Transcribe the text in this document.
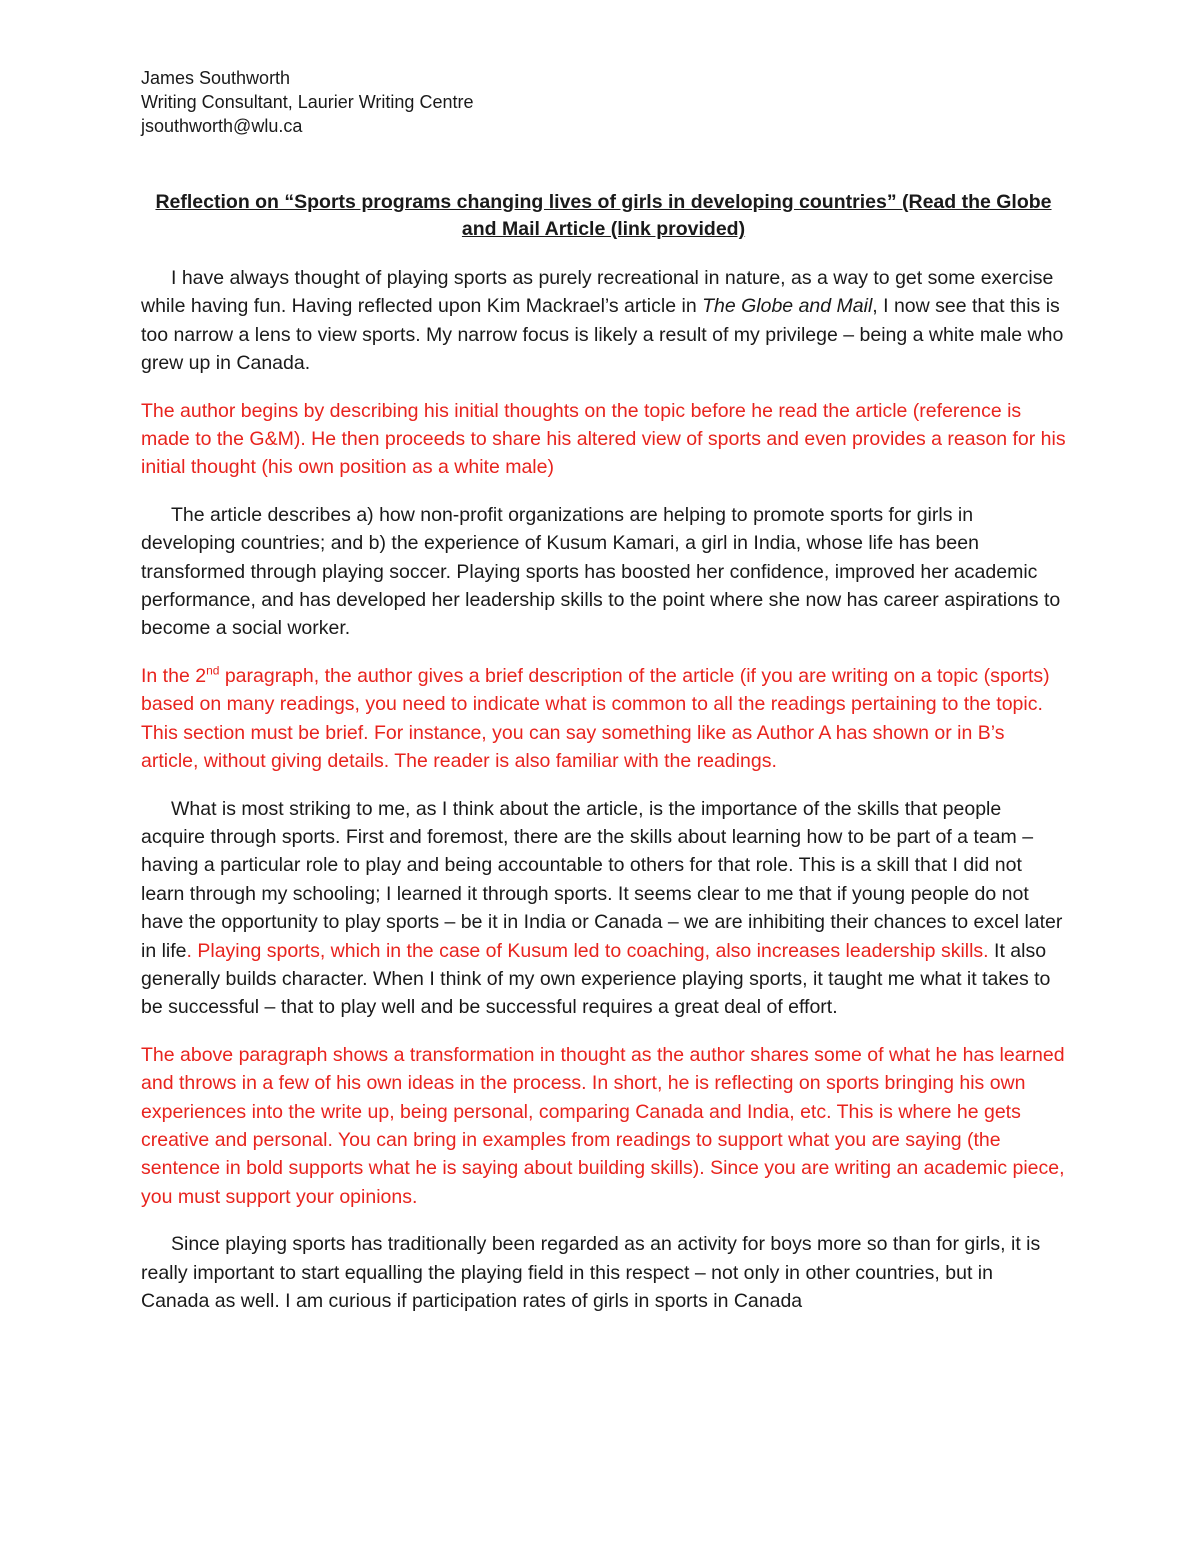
James Southworth

Writing Consultant, Laurier Writing Centre

jsouthworth@wlu.ca

Reflection on “Sports programs changing lives of girls in developing countries” (Read the Globe and Mail Article (link provided)

I have always thought of playing sports as purely recreational in nature, as a way to get some exercise while having fun. Having reflected upon Kim Mackrael’s article in The Globe and Mail, I now see that this is too narrow a lens to view sports. My narrow focus is likely a result of my privilege – being a white male who grew up in Canada.

The author begins by describing his initial thoughts on the topic before he read the article (reference is made to the G&M). He then proceeds to share his altered view of sports and even provides a reason for his initial thought (his own position as a white male)

The article describes a) how non-profit organizations are helping to promote sports for girls in developing countries; and b) the experience of Kusum Kamari, a girl in India, whose life has been transformed through playing soccer. Playing sports has boosted her confidence, improved her academic performance, and has developed her leadership skills to the point where she now has career aspirations to become a social worker.

In the 2nd paragraph, the author gives a brief description of the article (if you are writing on a topic (sports) based on many readings, you need to indicate what is common to all the readings pertaining to the topic. This section must be brief. For instance, you can say something like as Author A has shown or in B’s article, without giving details. The reader is also familiar with the readings.

What is most striking to me, as I think about the article, is the importance of the skills that people acquire through sports. First and foremost, there are the skills about learning how to be part of a team – having a particular role to play and being accountable to others for that role. This is a skill that I did not learn through my schooling; I learned it through sports. It seems clear to me that if young people do not have the opportunity to play sports – be it in India or Canada – we are inhibiting their chances to excel later in life. Playing sports, which in the case of Kusum led to coaching, also increases leadership skills. It also generally builds character. When I think of my own experience playing sports, it taught me what it takes to be successful – that to play well and be successful requires a great deal of effort.

The above paragraph shows a transformation in thought as the author shares some of what he has learned and throws in a few of his own ideas in the process. In short, he is reflecting on sports bringing his own experiences into the write up, being personal, comparing Canada and India, etc. This is where he gets creative and personal. You can bring in examples from readings to support what you are saying (the sentence in bold supports what he is saying about building skills). Since you are writing an academic piece, you must support your opinions.

Since playing sports has traditionally been regarded as an activity for boys more so than for girls, it is really important to start equalling the playing field in this respect – not only in other countries, but in Canada as well. I am curious if participation rates of girls in sports in Canada
